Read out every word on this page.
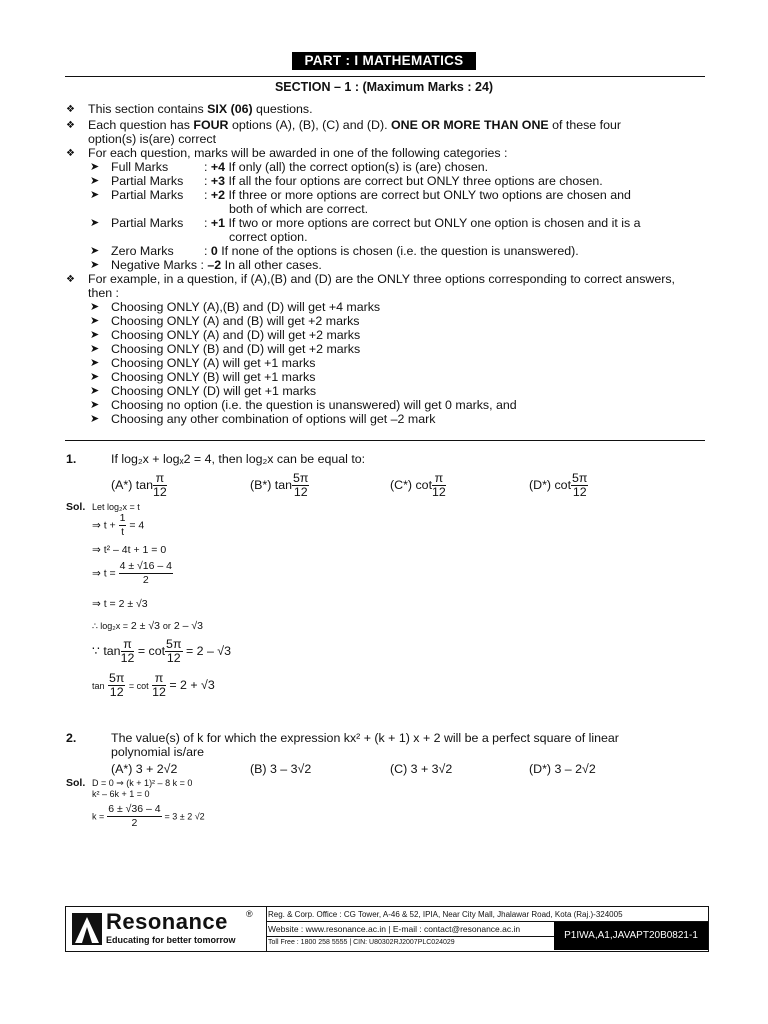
PART : I MATHEMATICS
SECTION – 1 : (Maximum Marks : 24)
❖ This section contains SIX (06) questions.
❖ Each question has FOUR options (A), (B), (C) and (D). ONE OR MORE THAN ONE of these four
option(s) is(are) correct
❖ For each question, marks will be awarded in one of the following categories :
➤ Full Marks	: +4 If only (all) the correct option(s) is (are) chosen.
➤ Partial Marks : +3 If all the four options are correct but ONLY three options are chosen.
➤ Partial Marks : +2 If three or more options are correct but ONLY two options are chosen and
both of which are correct.
➤ Partial Marks : +1 If two or more options are correct but ONLY one option is chosen and it is a
correct option.
➤ Zero Marks : 0 If none of the options is chosen (i.e. the question is unanswered).
➤ Negative Marks : –2 In all other cases.
❖ For example, in a question, if (A),(B) and (D) are the ONLY three options corresponding to correct answers,
then :
➤ Choosing ONLY (A),(B) and (D) will get +4 marks
➤ Choosing ONLY (A) and (B) will get +2 marks
➤ Choosing ONLY (A) and (D) will get +2 marks
➤ Choosing ONLY (B) and (D) will get +2 marks
➤ Choosing ONLY (A) will get +1 marks
➤ Choosing ONLY (B) will get +1 marks
➤ Choosing ONLY (D) will get +1 marks
➤ Choosing no option (i.e. the question is unanswered) will get 0 marks, and
➤ Choosing any other combination of options will get –2 mark
1.	If log₂x + logₓ2 = 4, then log₂x can be equal to:
(A*) $\tan \frac{\pi}{12}$	(B*) $\tan \frac{5\pi}{12}$	(C*) $\cot \frac{\pi}{12}$	(D*) $\cot \frac{5\pi}{12}$
Sol. Let log₂x = t
⇒ $t + \frac{1}{t} = 4$
⇒ t² – 4t + 1 = 0
⇒ $t = \frac{4 \pm √16 - 4}{2}$
⇒ t = 2 ± √3
∴ log₂x = 2 ± √3 or 2 – √3
∵ $\tan \frac{\pi}{12} = \cot \frac{5\pi}{12} = 2 - √3$
$\tan \frac{5\pi}{12} = \cot \frac{\pi}{12} = 2 + √3$
2.	The value(s) of k for which the expression kx² + (k + 1) x + 2 will be a perfect square of linear
polynomial is/are
(A*) 3 + 2√2	(B) 3 – 3√2	(C) 3 + 3√2	(D*) 3 – 2√2
Sol. D = 0 ⇒ (k + 1)² – 8 k = 0
k² – 6k + 1 = 0
$k = \frac{6 \pm √36 - 4}{2} = 3 \pm 2$ √2
Resonance ®
Educating for better tomorrow
Reg. & Corp. Office : CG Tower, A-46 & 52, IPIA, Near City Mall, Jhalawar Road, Kota (Raj.)-324005
Website : www.resonance.ac.in | E-mail : contact@resonance.ac.in
Toll Free : 1800 258 5555 | CIN: U80302RJ2007PLC024029
P1IWA,A1,JAVAPT20B0821-1
